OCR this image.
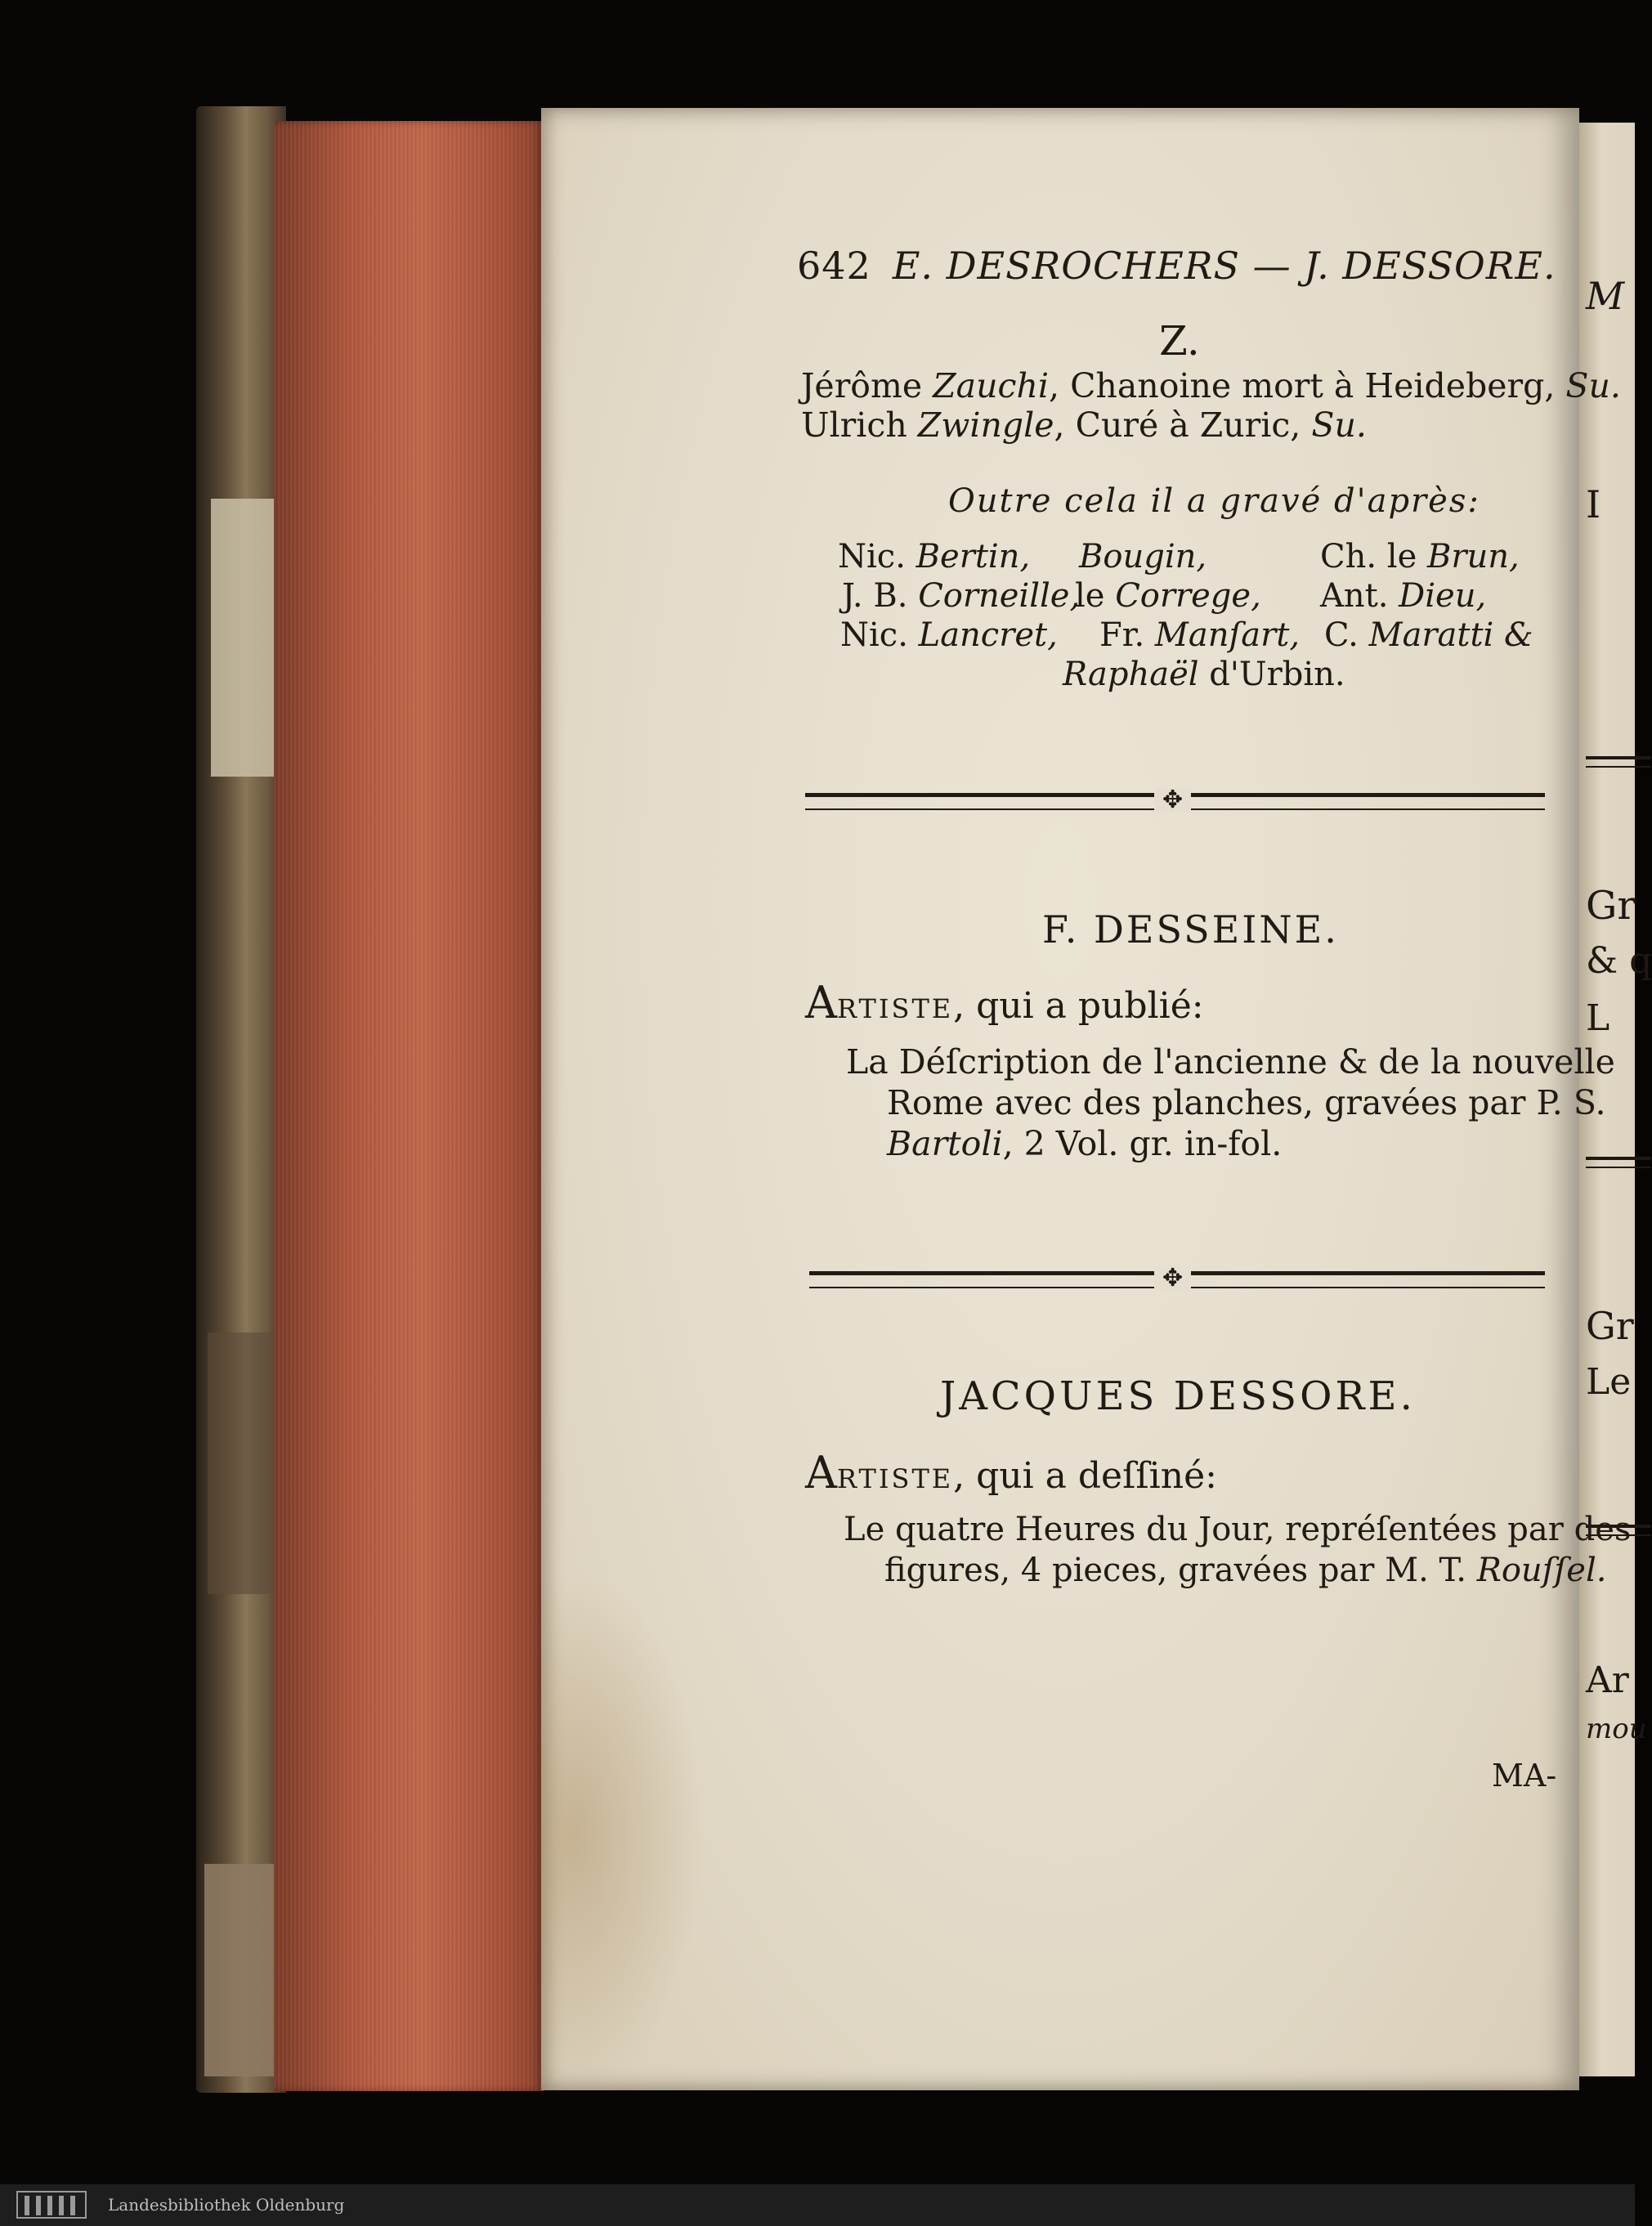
M
I
Gr
& q
L
Gr
Le
Ar
mou
642 E. DESROCHERS — J. DESSORE.
Z.
Jérôme Zauchi, Chanoine mort à Heideberg, Su.
Ulrich Zwingle, Curé à Zuric, Su.
Outre cela il a gravé d'après:
Nic. Bertin, Bougin,	Ch. le Brun,
J. B. Corneille,
le Correge, Ant. Dieu,
Nic. Lancret, Fr. Manſart, C. Maratti &
Raphaël d'Urbin.
✥
F. DESSEINE.
ARTISTE, qui a publié:
La Déſcription de l'ancienne & de la nouvelle
Rome avec des planches, gravées par P. S.
Bartoli, 2 Vol. gr. in-fol.
✥
JACQUES DESSORE.
ARTISTE, qui a deſſiné:
Le quatre Heures du Jour, repréſentées par des
figures, 4 pieces, gravées par M. T. Rouſſel.
MA-
Landesbibliothek Oldenburg
